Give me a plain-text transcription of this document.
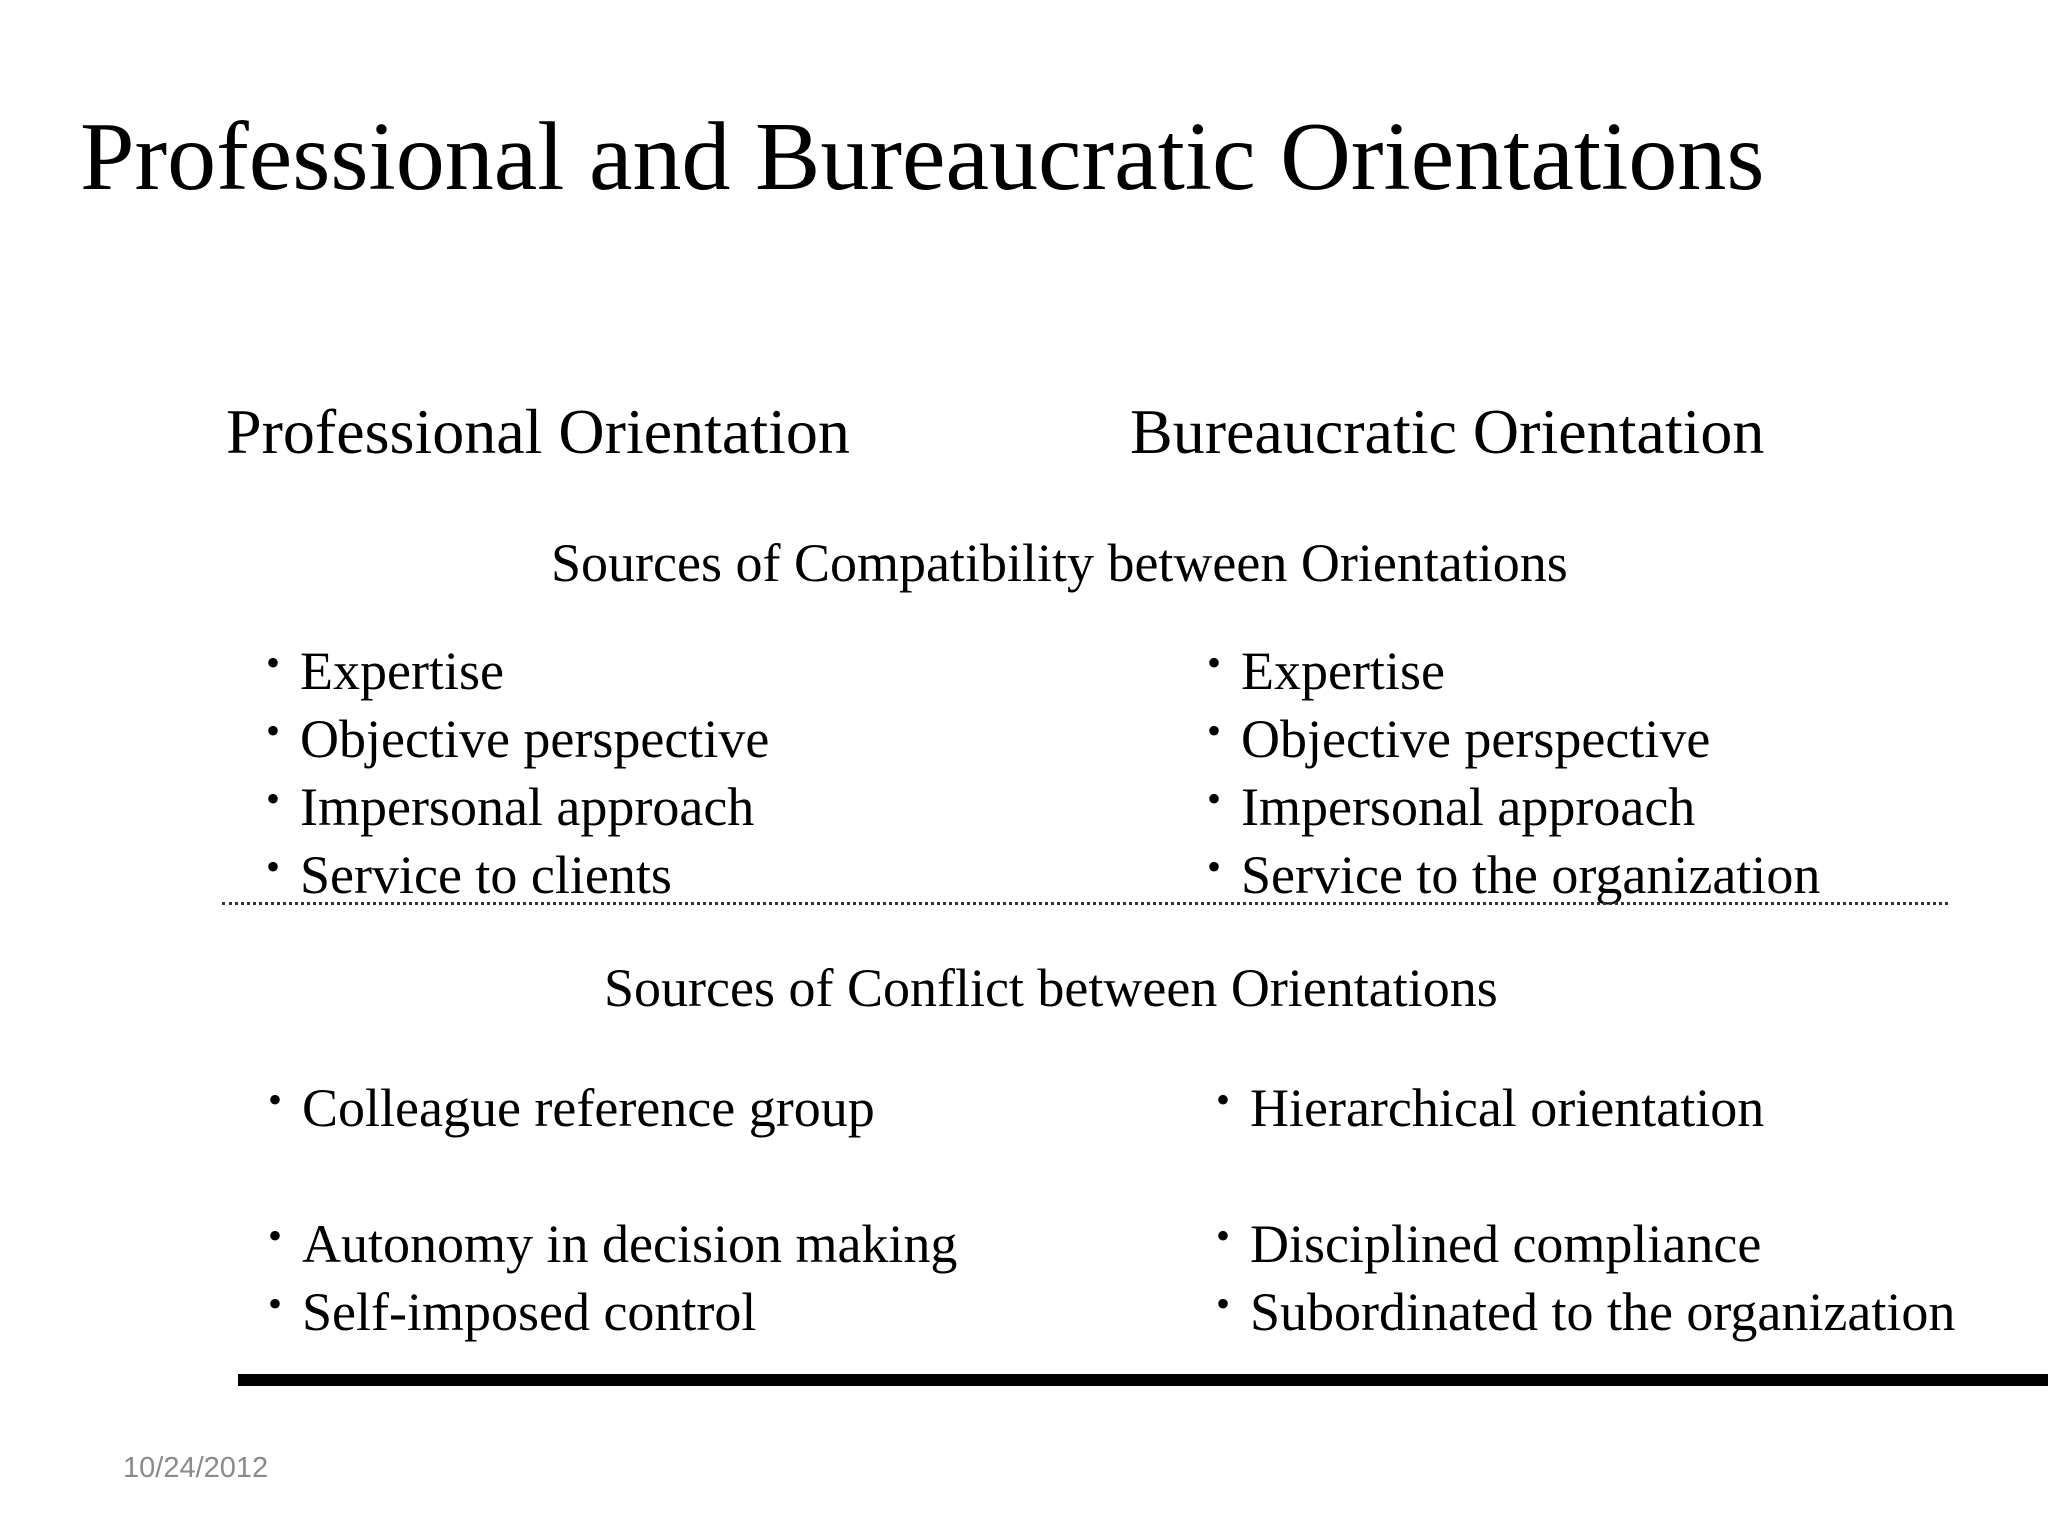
Professional and Bureaucratic Orientations
Professional Orientation	Bureaucratic Orientation
Sources of Compatibility between Orientations
• Expertise
• Objective perspective
• Impersonal approach
• Service to clients
• Expertise
• Objective perspective
• Impersonal approach
• Service to the organization
Sources of Conflict between Orientations
• Colleague reference group
• Autonomy in decision making
• Self-imposed control
• Hierarchical orientation
• Disciplined compliance
• Subordinated to the organization
10/24/2012
